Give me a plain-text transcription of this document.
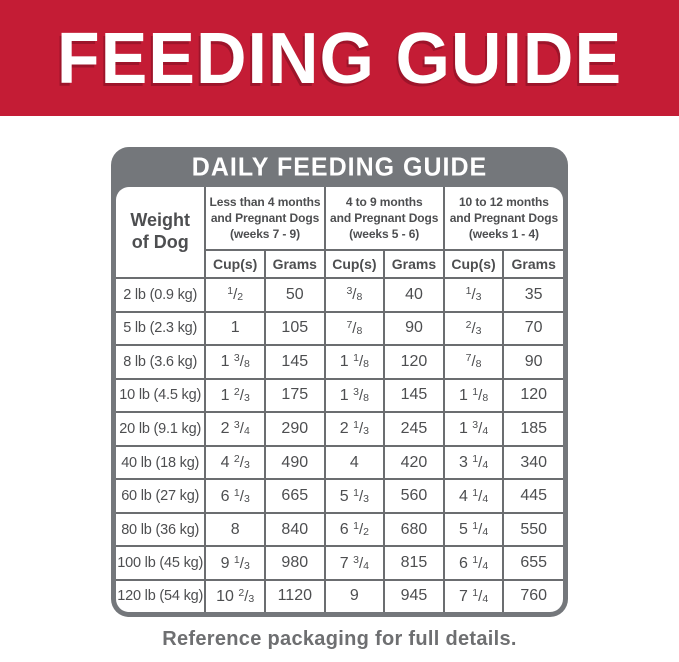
FEEDING GUIDE
DAILY FEEDING GUIDE
Weight
of Dog

Less than 4 months
and Pregnant Dogs
(weeks 7 - 9)

4 to 9 months
and Pregnant Dogs
(weeks 5 - 6)

10 to 12 months
and Pregnant Dogs
(weeks 1 - 4)

	Cup(s)	Grams	Cup(s)	Grams	Cup(s)	Grams
2 lb (0.9 kg)	$^1$/2	50	$^3$/8	40	$^1$/3	35
5 lb (2.3 kg)	1	105	$^7$/8	90	$^2$/3	70
8 lb (3.6 kg)	1 $^3$/8	145	1 $^1$/8	120	$^7$/8	90
10 lb (4.5 kg)	1 $^2$/3	175	1 $^3$/8	145	1 $^1$/8	120
20 lb (9.1 kg)	2 $^3$/4	290	2 $^1$/3	245	1 $^3$/4	185
40 lb (18 kg)	4 $^2$/3	490	4	420	3 $^1$/4	340
60 lb (27 kg)	6 $^1$/3	665	5 $^1$/3	560	4 $^1$/4	445
80 lb (36 kg)	8	840	6 $^1$/2	680	5 $^1$/4	550
100 lb (45 kg)	9 $^1$/3	980	7 $^3$/4	815	6 $^1$/4	655
120 lb (54 kg)	10 $^2$/3	1120	9	945	7 $^1$/4	760
Reference packaging for full details.
